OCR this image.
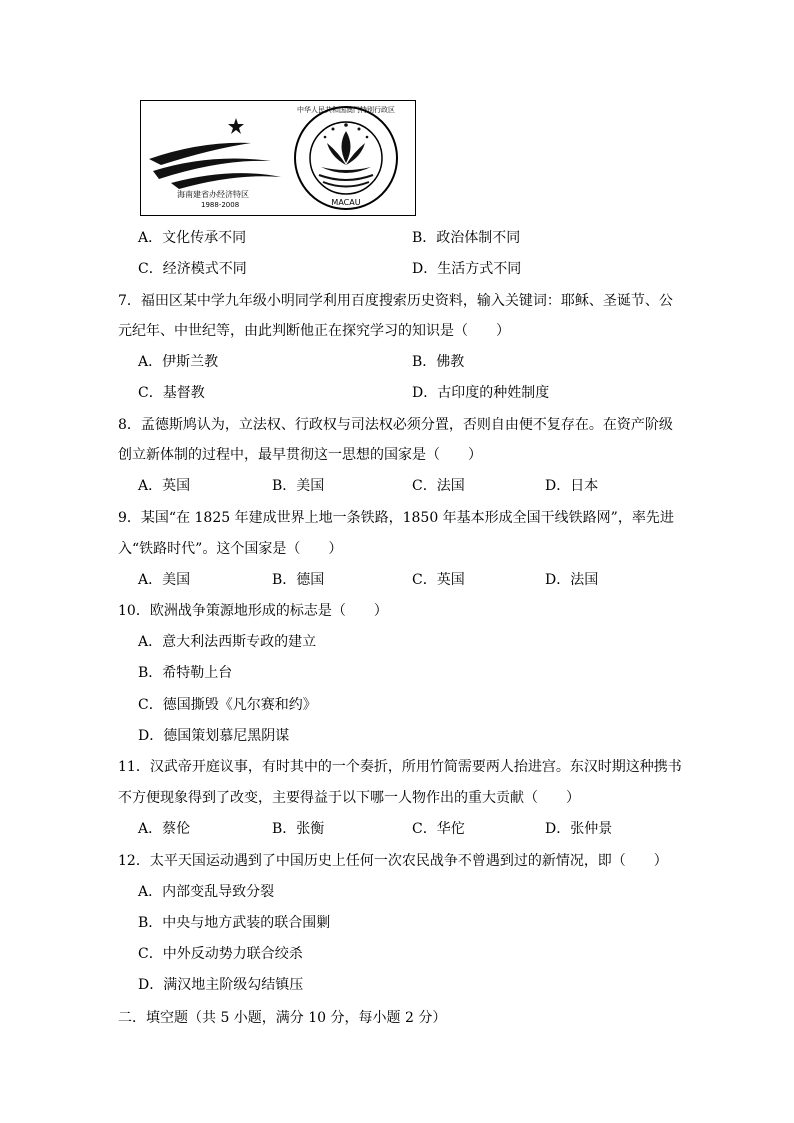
海南建省办经济特区
1988-2008
中华人民共和国澳门特别行政区
MACAU
A．文化传承不同	B．政治体制不同
C．经济模式不同	D．生活方式不同
7．福田区某中学九年级小明同学利用百度搜索历史资料，输入关键词：耶稣、圣诞节、公
元纪年、中世纪等，由此判断他正在探究学习的知识是（　　）
A．伊斯兰教	B．佛教
C．基督教	D．古印度的种姓制度
8．孟德斯鸠认为，立法权、行政权与司法权必须分置，否则自由便不复存在。在资产阶级
创立新体制的过程中，最早贯彻这一思想的国家是（　　）
A．英国	B．美国	C．法国	D．日本
9．某国“在 1825 年建成世界上地一条铁路，1850 年基本形成全国干线铁路网”，率先进
入“铁路时代”。这个国家是（　　）
A．美国	B．德国	C．英国	D．法国
10．欧洲战争策源地形成的标志是（　　）
A．意大利法西斯专政的建立
B．希特勒上台
C．德国撕毁《凡尔赛和约》
D．德国策划慕尼黑阴谋
11．汉武帝开庭议事，有时其中的一个奏折，所用竹简需要两人抬进宫。东汉时期这种携书
不方便现象得到了改变，主要得益于以下哪一人物作出的重大贡献（　　）
A．蔡伦	B．张衡	C．华佗	D．张仲景
12．太平天国运动遇到了中国历史上任何一次农民战争不曾遇到过的新情况，即（　　）
A．内部变乱导致分裂
B．中央与地方武装的联合围剿
C．中外反动势力联合绞杀
D．满汉地主阶级勾结镇压
二．填空题（共 5 小题，满分 10 分，每小题 2 分）
